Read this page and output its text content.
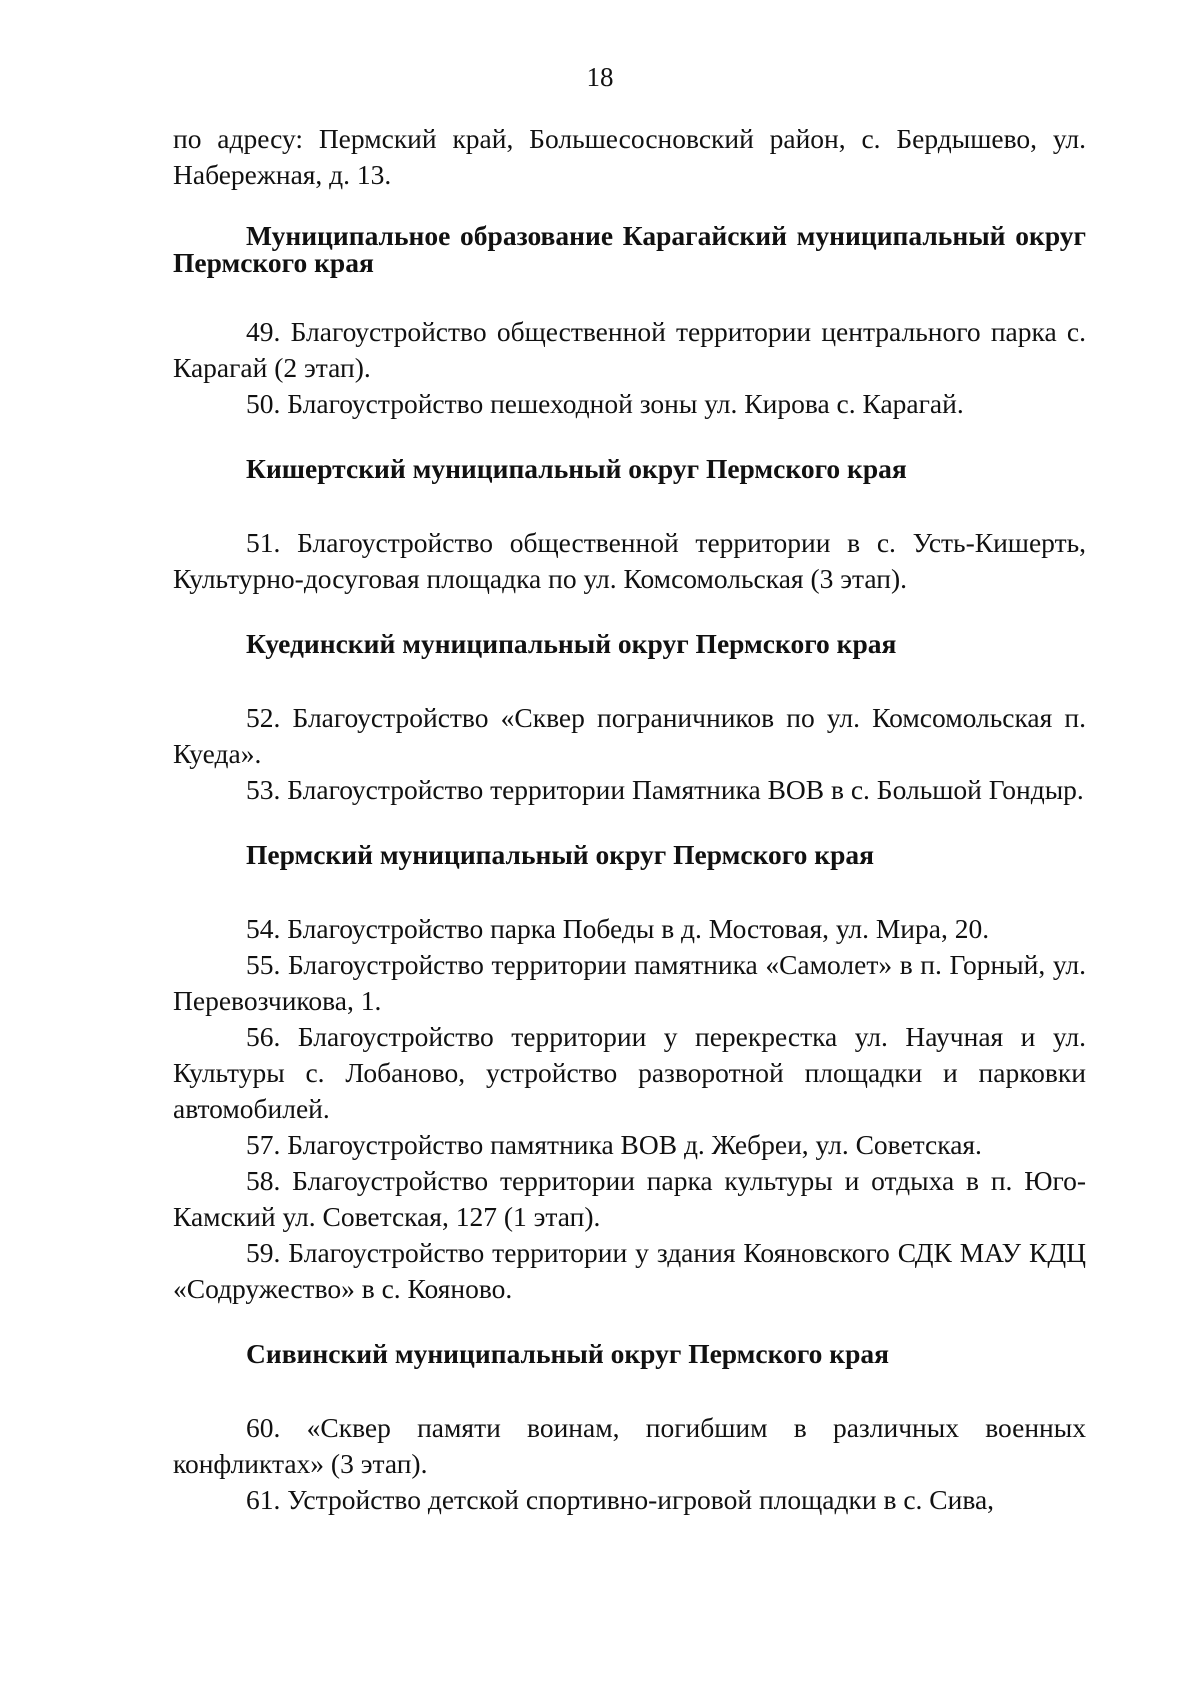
18

по адресу: Пермский край, Большесосновский район, с. Бердышево, ул. Набережная, д. 13.

Муниципальное образование Карагайский муниципальный округ Пермского края

49. Благоустройство общественной территории центрального парка с. Карагай (2 этап).

50. Благоустройство пешеходной зоны ул. Кирова с. Карагай.

Кишертский муниципальный округ Пермского края

51. Благоустройство общественной территории в с. Усть-Кишерть, Культурно-досуговая площадка по ул. Комсомольская (3 этап).

Куединский муниципальный округ Пермского края

52. Благоустройство «Сквер пограничников по ул. Комсомольская п. Куеда».

53. Благоустройство территории Памятника ВОВ в с. Большой Гондыр.

Пермский муниципальный округ Пермского края

54. Благоустройство парка Победы в д. Мостовая, ул. Мира, 20.

55. Благоустройство территории памятника «Самолет» в п. Горный, ул. Перевозчикова, 1.

56. Благоустройство территории у перекрестка ул. Научная и ул. Культуры с. Лобаново, устройство разворотной площадки и парковки автомобилей.

57. Благоустройство памятника ВОВ д. Жебреи, ул. Советская.

58. Благоустройство территории парка культуры и отдыха в п. Юго-Камский ул. Советская, 127 (1 этап).

59. Благоустройство территории у здания Кояновского СДК МАУ КДЦ «Содружество» в с. Кояново.

Сивинский муниципальный округ Пермского края

60. «Сквер памяти воинам, погибшим в различных военных конфликтах» (3 этап).

61. Устройство детской спортивно-игровой площадки в с. Сива,
